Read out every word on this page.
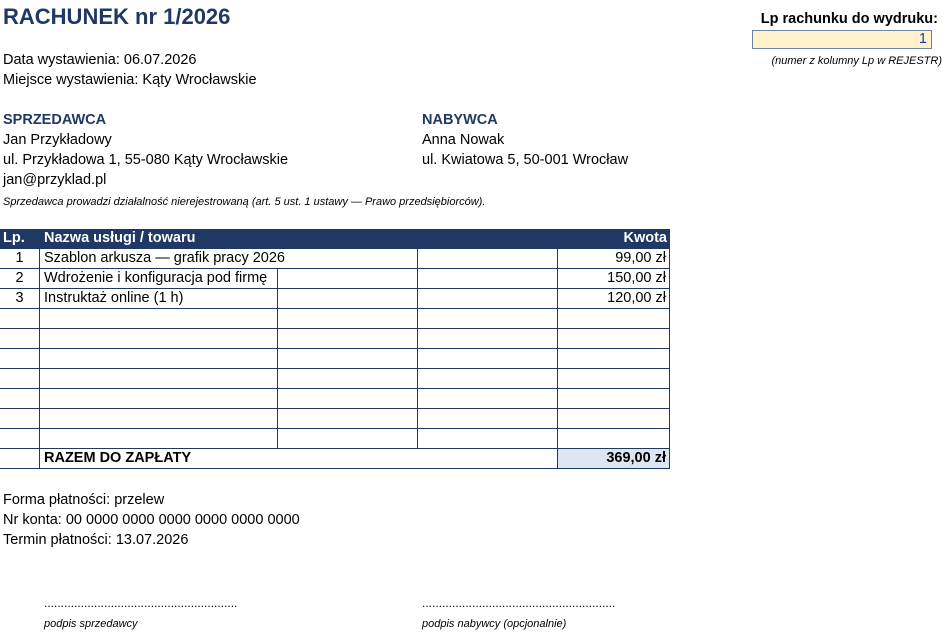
RACHUNEK nr 1/2026	Lp rachunku do wydruku:
1
(numer z kolumny Lp w REJESTR)
Data wystawienia: 06.07.2026
Miejsce wystawienia: Kąty Wrocławskie
SPRZEDAWCA
Jan Przykładowy
ul. Przykładowa 1, 55-080 Kąty Wrocławskie
jan@przyklad.pl
NABYWCA
Anna Nowak
ul. Kwiatowa 5, 50-001 Wrocław
Sprzedawca prowadzi działalność nierejestrowaną (art. 5 ust. 1 ustawy — Prawo przedsiębiorców).
Lp.	Nazwa usługi / towaru	Kwota
1	Szablon arkusza — grafik pracy 2026	99,00 zł
2	Wdrożenie i konfiguracja pod firmę	150,00 zł
3	Instruktaż online (1 h)	120,00 zł
RAZEM DO ZAPŁATY	369,00 zł
Forma płatności: przelew
Nr konta: 00 0000 0000 0000 0000 0000 0000
Termin płatności: 13.07.2026
..........................................................
podpis sprzedawcy
..........................................................
podpis nabywcy (opcjonalnie)
